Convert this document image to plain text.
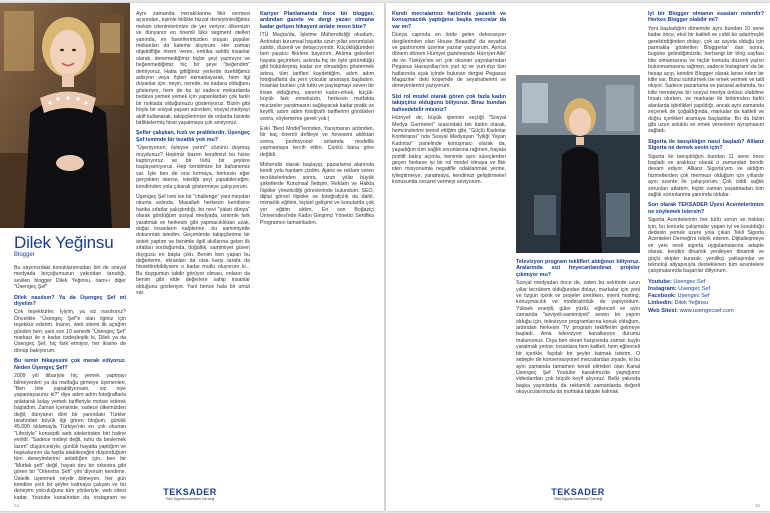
Dilek Yeğinsu
Blogger

Bu sayımızdaki konuklarımızdan biri de sosyal medyada birçoğumuzun yakından tanıdığı, sevilen blogger Dilek Yeğinsu, namı-ı diğer "Üsengeç Şef"

Dilek nasılsın? Ya da Üşengeç Şef mi diyelim?

Çok teşekkürler. İyiyim, ya siz nasılsınız? Öncelikle "Üsengeç Şef"e olan ilginiz için teşekkür ederim. Inanın, web sitemi ilk açtığım günden beri, yani son 10 senedir "Üsengeç Şef" markası ile o kadar özdeşleştik ki, Dilek ya da Üsengeç Şef, hiç fark etmiyor, her ikisine de dönüp bakıyorum.

Bu ismin hikayesini çok merak ediyoruz. Neden Üşengeç Şef?

2009 yılı itibariyle hiç yemek yapmayı bilmeyenleri ya da mutfağa girmeye üşenenleri, "Ben bile yapabiliyorsam, siz niye yapamayasınız ki?" diye adım adım fotoğraflarla anlatarak kolay yemek tarifleriyle motive ederek başladım. Zaman içerisinde, sadece ülkemizden değil; dünyanın dört bir yanındaki Türkler tarafından büyük ilgi gören bloğum, günlük 45.000 tıklamayla Türkiye'nin en çok okunan "Lifestyle" konseptli web sitelerinden biri haline evrildi. "Sadece mideyi değil, ruhu da beslemek lazım" düşüncesiyle, günlük hayatta yaptığım ve başkalarının da fayda alabileceğini düşündüğüm tüm deneyimlerimi anlattığım için, ben bir "Mutfak şefi" değil, hayatı dev bir orkestra gibi gören bir "Orkestra Şefi" yim diyorum kendime. Üstelik üşenmek neydir bilmeyen, her gün kendine yeni bir şeyler katmaya çalışan ve bu deneyim yolculuğunu tüm yönleriyle, web sitesi kadar, Youtube kanalından da, instagram ve

Ayrıı zamanda meraklılarına fikir vermesi açısından, eşimle birlikte bizzat deneyimlediğimiz mekan izlenimlerimize de yer veriyor, ülkemizin ve dünyanın en önemli lüks segment otelleri yanında, en favorilerimizden oluşan popüler mekanları da kaleme alıyorum. Her zaman objektifliğe önem veren, entrika sahibi insanlar olarak, denemediğimiz hiçbir şeyi yazmıyor ve beğenmediğimiz hiç bir şeye "beğendim" demiyoruz. Hatta gittiğimiz yerlerde özeldiğimiz adisyon veya fişleri ekmanlayarak, hem ilgi duyanlar için, neyin, nerede, ne kadara olduğunu gösteriyor, hem de bu işi sadece mekanlarda bedava yemek yemek için yapanlardan çok farklı bir noktada olduğumuzu gösteriyoruz. Bizim gibi böyle bir sosyal yaşam sürerken, sosyal medyayı aktif kullanarak, takipçilerimize de onlarda bizimle birliktelermiş hissi yaşatmaya çok seviyoruz.

Şefler çalışkan, hızlı ve pratiklerdir. Üşengeç Şef isminde bir tezatlık yok mu?

"Üşeniyorum, öyleyse yarın!" sözünü duymuş muydunuz? Hepimiz bazen kendimizi bu hisse kaptırıyoruz ve bir türlü bir şeylere başlayamıyoruz. Hep kendimize bir bahanemiz var. İşte ben de onu kırmaya, herkesin eğer gerçekten isterse, istediği şeyi yapabileceğini, kendimden yola çıkarak göstermeye çalışıyorum.

Üşengeç Şef ismi ise bir "challenge" yani meydan okuma aslında. Masallah herkesin kendisine harika sıfatlar yakıştırdığı, bir nevi "yalan dünya" olarak gördüğüm sosyal medyada, ismimle fark yaratmak ve herkesin gibi yapmacıklıktan uzak, doğal insanların kalplerine, bu samimiyetle dokunmak istedim. Geçenlerde takipçilerime bir anket yaptım ve benimle ilgili akıllarına gelen ilk sıfatları sorduğumda, doğallık, samimiyet güven duygusu en başta çıktı. Benim ben yapan bu değerlerim, ekranları da olsa karşı tarafa da hissettirebildiysem o kadar mutlu oluyorum ki... Bu duygumun takdir görüyor olması, onların da benim gibi elde değerlere sahip insanlar olduğunu gösteriyor. Yani bence hala bir umut var.

Kariyer Planlamanda önce bir blogger, ardından gazete ve dergi yazarı olmana kadar gelişen hikayeni anlatır mısın bize?

İTÜ Maçka'da, İşletme Mühendisliği okudum. Ardından kurumsal hayatta uzun yıllar sorumluluk sahibi, düzenli ve detaycıyımdır. Küçüklüğümden beri yaratıcı fikirlere bayılırım. Aklıma gelenleri hayata geçirirken, aslında hiç de öyle göründüğü gibi bütünleşmiş kadar zor olmadığını göstermek adına, tüm tarifleri kaydettiğim, adım adım fotoğraflarla da yeni yolcular aramaya başladım. İnsanlar bunları çok tuttu ve paylaşmayı seven bir insan olduğumu, sanırım kadın-erkek, küçük-büyük fark etmeksizin, herkesin mutfakta mucizeler yaratmasını sağlayacak kadar pratik ve keyifli, adım adım fotoğraflı tariflerimi gördükleri sonra, söylememe gerek yok:)

Eski "Best Model"lerinden, Yarışmanın ardından, bir kaç önemli defileye ve hevesimi aldıktan sonra, profesyonel anlamda modellik yapmamaya tercih ettim. Çünkü bana göre değildi.

Mühendis olarak başlayıp, pazarlama alanında kendi yolu hantam çizdim. Ajans ve reklam veren tecrübelerinden sonra, uzun yıllar büyük şirketlerde Kurumsal İletişim, Reklam ve Halkla İlişkiler yöneticiliği görevlerinde bulundum. SEO, dijital görsel ilişkiler ve fotoğrafçılık da dahil, mimarlık eğitimi, kişisel gelişimi ve konularda çok yer eğitim aldım. En son Boğaziçi Üniversitesi'nde Kadın Girişimci Yönetici Sertifika Programını tamamladım.

TEKSADER
Tekli Sigorta Acenteleri Derneği
34
Kendi mecralarınız haricinde yazarlık ve konuşmacılık yaptığınız başka mecralar da var mı?

Dünya capında en önde gelen dekorasyon dergilerinden olan House Beautiful' da seyahat ve gastronomi üzerine yazılar yazıyorum. Ayrıca dönem dönem Hürriyet gazetesinde Hürriyet Aile' de ve Türkiye'nin en çok okunan yayınlarından Pegasus Havayolları'nın yurt içi ve yurt-dışı tüm hatlarında uçak içinde bulunan dergisi Pegasus Magazine' deki köşemde de seyahatlerimi ve deneyimlerimi yazıyorum.

Sizi rol model olarak gören çok fazla kadın takipçiniz olduğunu biliyoruz. Biraz bundan bahsedebilir misiniz?

Hürriyet' de, büyük işlerinin seçtiği "Sosyal Medya Gurmeleri" arasındaki tek kadın olarak, hemcinslerimi temsil ettiğim gibi, "Güçlü Kadınlar Konferansı" nda Sosyal Medyayan "İyiliği Yayan Kadınlar" panelinde konuşmacı olarak da, yaşadığım tüm sağlık sorunlarına rağmen, hayata pozitif bakış açımla, benimle aynı süreçlerden geçen herkese iyi bir rol model olmaya ve fikir iden misyonumla negatifle odaklanmak yerine, iyileştirmeye, yaratmaya, kendimizi geliştirmeleri konusunda cesaret vermeyi seviyorum.

Televizyon program teklifleri aldığınızı biliyoruz. Aralarında sizi heyecanlandıran projeler çıkmıyor mu?

Sosyal medyadan önce de, zaten bu sektörde uzun yıllar tecrübem olduğundan dolayı, markalar için yeni ve özgün içerik ve projeler üretirken, event hosting, konuşmacılık ve moderatörlük de yapıyordum. Yüksek enerjili, güler yüzlü, eğlenceli ve aynı zamanda "seviyeli-samimiyeti" seven bir yapım olduğu için, televizyon programlarına konuk olduğum, ardından herkesin TV program tekliflerim gelmeye başladı. Ama televizyon kanallarının durumu malumunuz. Dışa ben ekran karşısında zaman kaybı yaratmak yerine, insanlara hem kaliteli, hem eğlenceli bir içerikle, faydalı bir şeyler katmak isterim. O sebeple de konservasyonel mecralardan ziyade, ki bu aynı zamanda tamamen kendi elimden olan Kanal Üsengeç Şef Youtube kanalımızda yaptığımız videolardan çok büyük keyif alıyoruz. Belki yakında başka yayınlarda da reklamlık zamanlarda değerli okuyucularımızla da muhtaka takipte kalmak.

İyi bir Blogger olmanın esasları nelerdir? Herkes Blogger olabilir mi?

Yeni başladığım dönemde aynı bundan 10 sene kadar önce, ekol bir kaliteli ve cıddi bir adanmışlık gerektirdiğinden dolayı, çok az sayıda olduğu için parmakla gösterilen Bloggerlar' dan sonra, bugüne gelindiğimizde, herhangi bir blog sayfası bile olmamasına ve hiçbir konuda düzenli yazısı bulunmamasına rağmen, sadece Instagram' da bir hesap açıp, kendini Blogger olarak lanse eden bir kitle var. Bunu sürdürmek ise emek vermek ve tatil oluyor. Sadece pazarlama ve parasal anlamda, bu kitle neredeyse bir sosyal medya ünlüsü olabilme fırsatı olurken, ve markalar ile birbirinden farklı alanlarda işbirlikleri yapıldığı, ancak aynı zamanda seçenek de çoğaldığında, markalar da kaliteli ve doğru içerikleri aramaya başladılar. Bu da bizim gibi uzun soluklu ve emek verenlerin ayrışmasını sağladı.

Sigorta ile tanışıklığın nasıl başladı? Allianz Sigorta ne demek senin için?

Sigorta ile tanışıklığım bundan 11 sene önce başladı ve aralıksız olarak o zamandan beridir devam ediyor. Allianz Sigorta'yım ve aldığım hizmetlerden çok memnun olduğum için yıllardır aynı acente ile çalışıyorum. Çok ciddi sağlık sorunları atlattım, hiçbir zaman yaşatmadan tüm sağlık sorunlarıma yanımda oldular.

Son olarak TEKSADER Üyesi Acentelerimize ne söylemek istersin?

Sigorta Acentelerinin her türlü sorun ve hakları için, bu konuda çalışmalar yapan iyi ve kurulduğu dedesin yemek üzere yola çıkan Tekli Sigorta Acenteleri Derneği'ni tebrik ederim. Dijitalleşmeye ve yeni nesil sigorta uygulamalarına adapte olarak, kendini dinamik yenileyen dinamik ve güçlü ekipler kurarak, yenilikçi yaklaşımlar ve teknoloji altyapısıyla desteklenen tüm acentelere çalışmalarında başarılar diliyorum.

Youtube: Usengec Sef
Instagram: Usengec Sef
Facebook: Usengec Sef
Linkedin: Dilek Yeğinsu
Web Sitesi: www.usengecsef.com
TEKSADER
Tekli Sigorta Acenteleri Derneği
35
